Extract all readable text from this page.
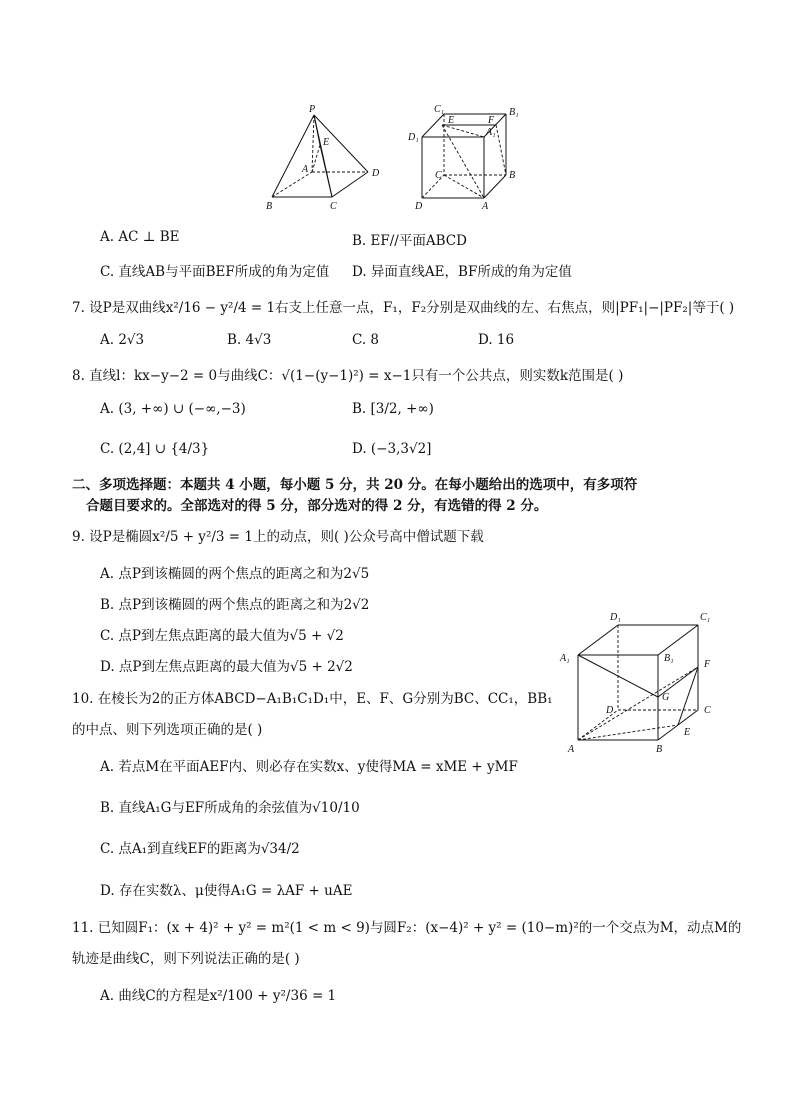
P
E
A	D
B	C
C₁	B₁
D₁
E	F
A₁
C	B
D	A
D₁	C₁
A₁	B₁
F
G
D	C
A	B
E
A. AC ⊥ BE	B. EF//平面ABCD
C. 直线AB与平面BEF所成的角为定值 D. 异面直线AE，BF所成的角为定值
7. 设P是双曲线x²/16 − y²/4 = 1右支上任意一点，F₁，F₂分别是双曲线的左、右焦点，则|PF₁|−|PF₂|等于( )
A. 2√3	B. 4√3	C. 8	D. 16
8. 直线l：kx−y−2 = 0与曲线C：√(1−(y−1)²) = x−1只有一个公共点，则实数k范围是( )
A. (3, +∞) ∪ (−∞,−3)	B. [3/2, +∞)
C. (2,4] ∪ {4/3}	D. (−3,3√2]
二、多项选择题：本题共 4 小题，每小题 5 分，共 20 分。在每小题给出的选项中，有多项符
合题目要求的。全部选对的得 5 分，部分选对的得 2 分，有选错的得 2 分。
9. 设P是椭圆x²/5 + y²/3 = 1上的动点，则( )公众号高中僧试题下载
A. 点P到该椭圆的两个焦点的距离之和为2√5
B. 点P到该椭圆的两个焦点的距离之和为2√2
C. 点P到左焦点距离的最大值为√5 + √2
D. 点P到左焦点距离的最大值为√5 + 2√2
10. 在棱长为2的正方体ABCD−A₁B₁C₁D₁中，E、F、G分别为BC、CC₁，BB₁
的中点、则下列选项正确的是( )
A. 若点M在平面AEF内、则必存在实数x、y使得MA = xME + yMF
B. 直线A₁G与EF所成角的余弦值为√10/10
C. 点A₁到直线EF的距离为√34/2
D. 存在实数λ、μ使得A₁G = λAF + uAE
11. 已知圆F₁：(x + 4)² + y² = m²(1 < m < 9)与圆F₂：(x−4)² + y² = (10−m)²的一个交点为M，动点M的
轨迹是曲线C，则下列说法正确的是( )
A. 曲线C的方程是x²/100 + y²/36 = 1
